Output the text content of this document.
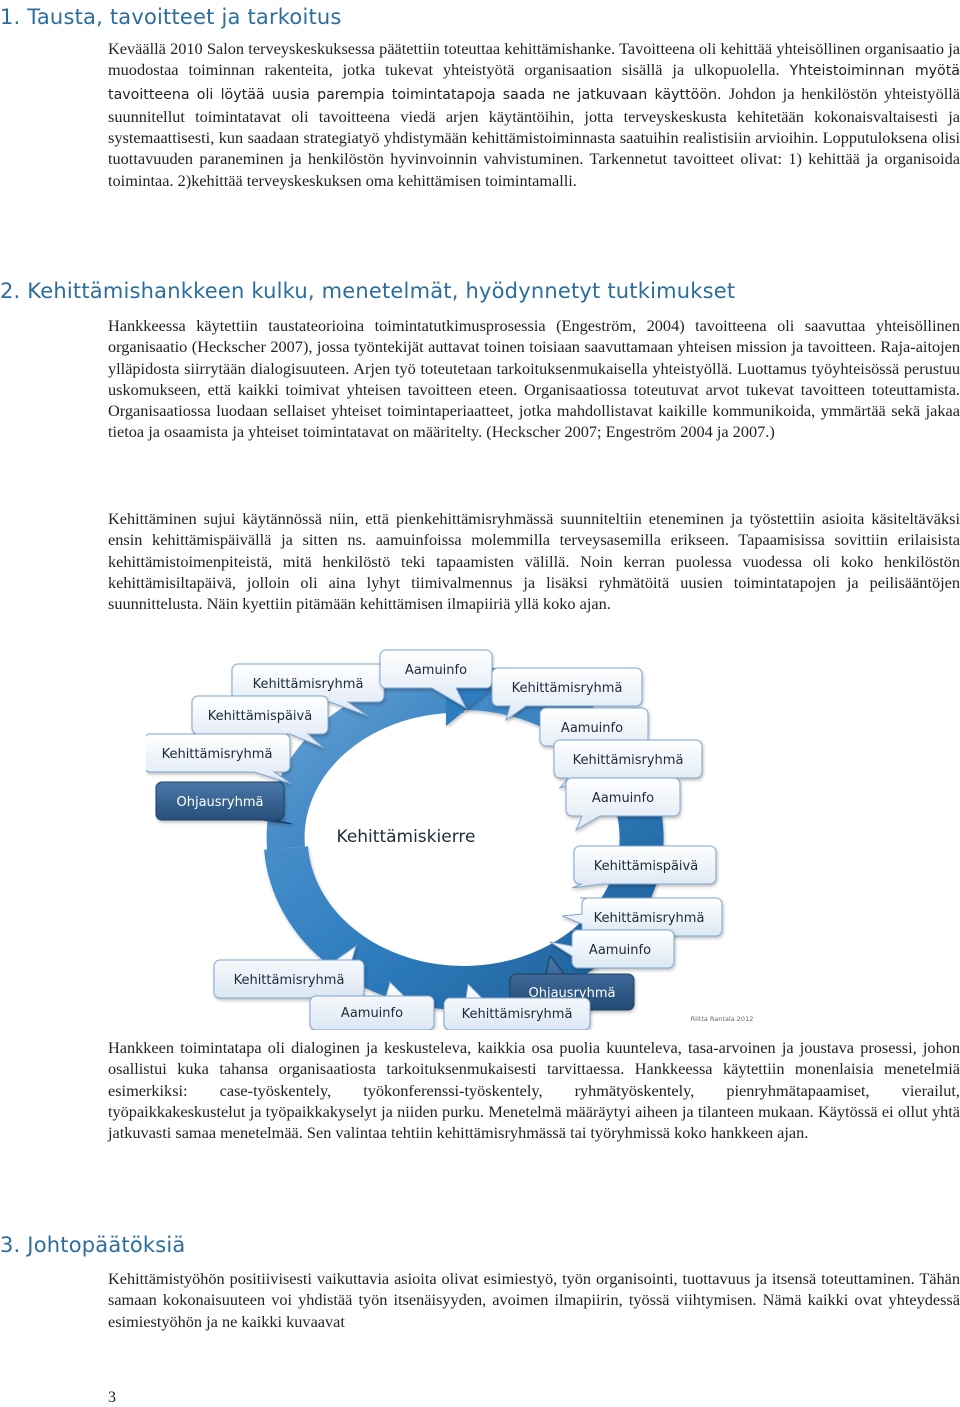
1. Tausta, tavoitteet ja tarkoitus

Keväällä 2010 Salon terveyskeskuksessa päätettiin toteuttaa kehittämishanke. Tavoitteena oli kehittää yhteisöllinen organisaatio ja muodostaa toiminnan rakenteita, jotka tukevat yhteistyötä organisaation sisällä ja ulkopuolella. Yhteistoiminnan myötä tavoitteena oli löytää uusia parempia toimintatapoja saada ne jatkuvaan käyttöön. Johdon ja henkilöstön yhteistyöllä suunnitellut toimintatavat oli tavoitteena viedä arjen käytäntöihin, jotta terveyskeskusta kehitetään kokonaisvaltaisesti ja systemaattisesti, kun saadaan strategiatyö yhdistymään kehittämistoiminnasta saatuihin realistisiin arvioihin. Lopputuloksena olisi tuottavuuden paraneminen ja henkilöstön hyvinvoinnin vahvistuminen. Tarkennetut tavoitteet olivat: 1) kehittää ja organisoida toimintaa. 2)kehittää terveyskeskuksen oma kehittämisen toimintamalli.

2. Kehittämishankkeen kulku, menetelmät, hyödynnetyt tutkimukset

Hankkeessa käytettiin taustateorioina toimintatutkimusprosessia (Engeström, 2004) tavoitteena oli saavuttaa yhteisöllinen organisaatio (Heckscher 2007), jossa työntekijät auttavat toinen toisiaan saavuttamaan yhteisen mission ja tavoitteen. Raja-aitojen ylläpidosta siirrytään dialogisuuteen. Arjen työ toteutetaan tarkoituksenmukaisella yhteistyöllä. Luottamus työyhteisössä perustuu uskomukseen, että kaikki toimivat yhteisen tavoitteen eteen. Organisaatiossa toteutuvat arvot tukevat tavoitteen toteuttamista. Organisaatiossa luodaan sellaiset yhteiset toimintaperiaatteet, jotka mahdollistavat kaikille kommunikoida, ymmärtää sekä jakaa tietoa ja osaamista ja yhteiset toimintatavat on määritelty. (Heckscher 2007; Engeström 2004 ja 2007.)

Kehittäminen sujui käytännössä niin, että pienkehittämisryhmässä suunniteltiin eteneminen ja työstettiin asioita käsiteltäväksi ensin kehittämispäivällä ja sitten ns. aamuinfoissa molemmilla terveysasemilla erikseen. Tapaamisissa sovittiin erilaisista kehittämistoimenpiteistä, mitä henkilöstö teki tapaamisten välillä. Noin kerran puolessa vuodessa oli koko henkilöstön kehittämisiltapäivä, jolloin oli aina lyhyt tiimivalmennus ja lisäksi ryhmätöitä uusien toimintatapojen ja peilisääntöjen suunnittelusta. Näin kyettiin pitämään kehittämisen ilmapiiriä yllä koko ajan.

Kehittämisryhmä
Aamuinfo
Kehittämisryhmä
Kehittämispäivä
Aamuinfo
Kehittämisryhmä	Kehittämisryhmä
Ohjausryhmä	Aamuinfo
Kehittämiskierre
Kehittämispäivä
Kehittämisryhmä
Aamuinfo
Kehittämisryhmä
Ohjausryhmä
Aamuinfo	Kehittämisryhmä	Riitta Rantala 2012

Hankkeen toimintatapa oli dialoginen ja keskusteleva, kaikkia osa puolia kuunteleva, tasa-arvoinen ja joustava prosessi, johon osallistui kuka tahansa organisaatiosta tarkoituksenmukaisesti tarvittaessa. Hankkeessa käytettiin monenlaisia menetelmiä esimerkiksi: case-työskentely, työkonferenssi-työskentely, ryhmätyöskentely, pienryhmätapaamiset, vierailut, työpaikkakeskustelut ja työpaikkakyselyt ja niiden purku. Menetelmä määräytyi aiheen ja tilanteen mukaan. Käytössä ei ollut yhtä jatkuvasti samaa menetelmää. Sen valintaa tehtiin kehittämisryhmässä tai työryhmissä koko hankkeen ajan.

3. Johtopäätöksiä

Kehittämistyöhön positiivisesti vaikuttavia asioita olivat esimiestyö, työn organisointi, tuottavuus ja itsensä toteuttaminen. Tähän samaan kokonaisuuteen voi yhdistää työn itsenäisyyden, avoimen ilmapiirin, työssä viihtymisen. Nämä kaikki ovat yhteydessä esimiestyöhön ja ne kaikki kuvaavat

3
